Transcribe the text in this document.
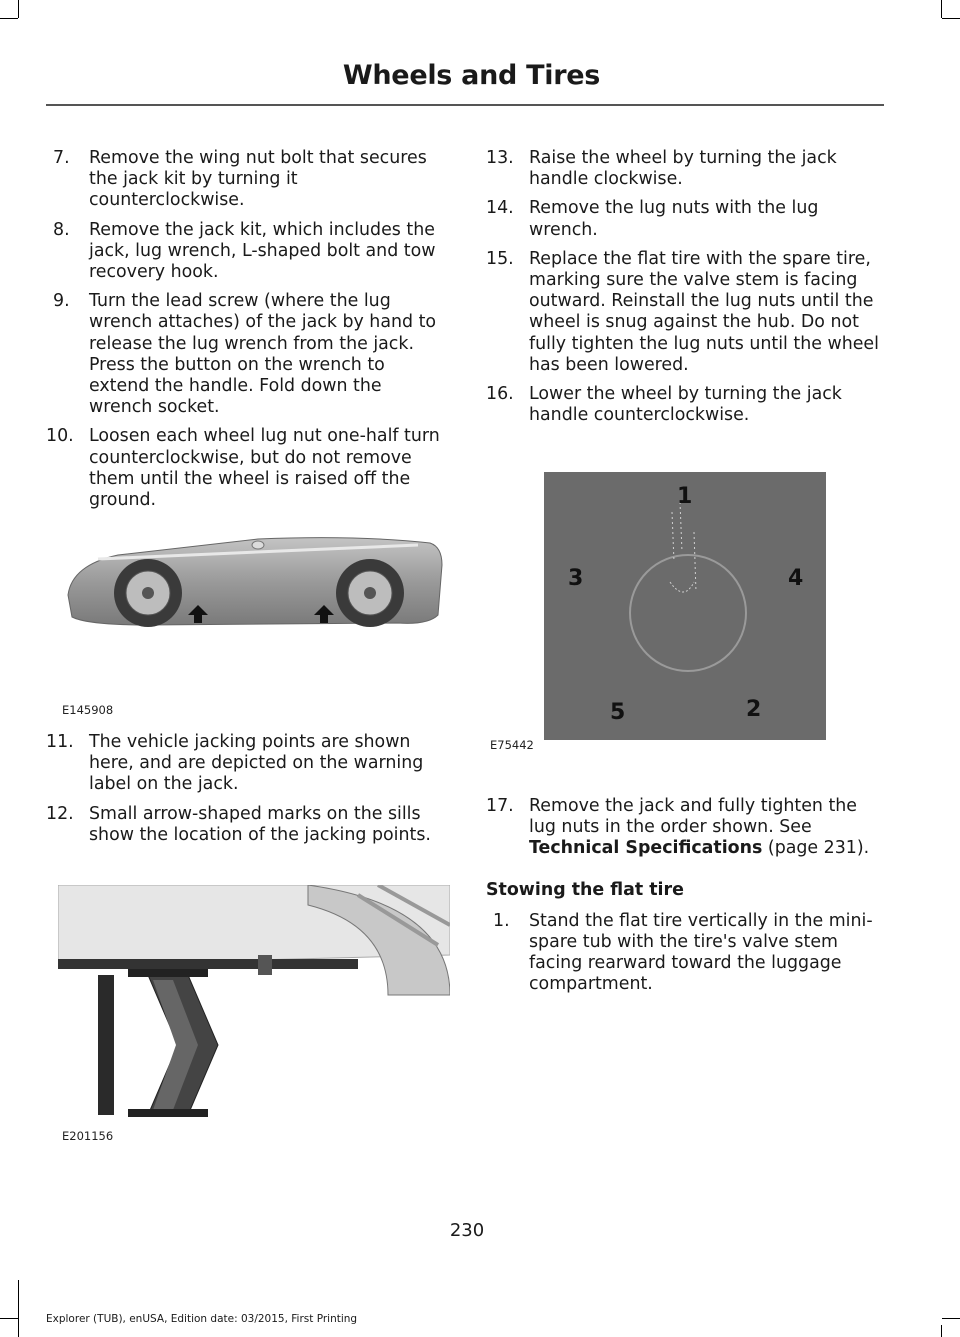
Wheels and Tires
7. Remove the wing nut bolt that secures the jack kit by turning it counterclockwise.
8. Remove the jack kit, which includes the jack, lug wrench, L-shaped bolt and tow recovery hook.
9. Turn the lead screw (where the lug wrench attaches) of the jack by hand to release the lug wrench from the jack. Press the button on the wrench to extend the handle. Fold down the wrench socket.
10. Loosen each wheel lug nut one-half turn counterclockwise, but do not remove them until the wheel is raised off the ground.
E145908
11. The vehicle jacking points are shown here, and are depicted on the warning label on the jack.
12. Small arrow-shaped marks on the sills show the location of the jacking points.
E201156
13. Raise the wheel by turning the jack handle clockwise.
14. Remove the lug nuts with the lug wrench.
15. Replace the flat tire with the spare tire, marking sure the valve stem is facing outward. Reinstall the lug nuts until the wheel is snug against the hub. Do not fully tighten the lug nuts until the wheel has been lowered.
16. Lower the wheel by turning the jack handle counterclockwise.
1
2
3	4
5
E75442
17. Remove the jack and fully tighten the lug nuts in the order shown. See Technical Specifications (page 231).
Stowing the flat tire
1. Stand the flat tire vertically in the mini-spare tub with the tire's valve stem facing rearward toward the luggage compartment.
230
Explorer (TUB), enUSA, Edition date: 03/2015, First Printing
